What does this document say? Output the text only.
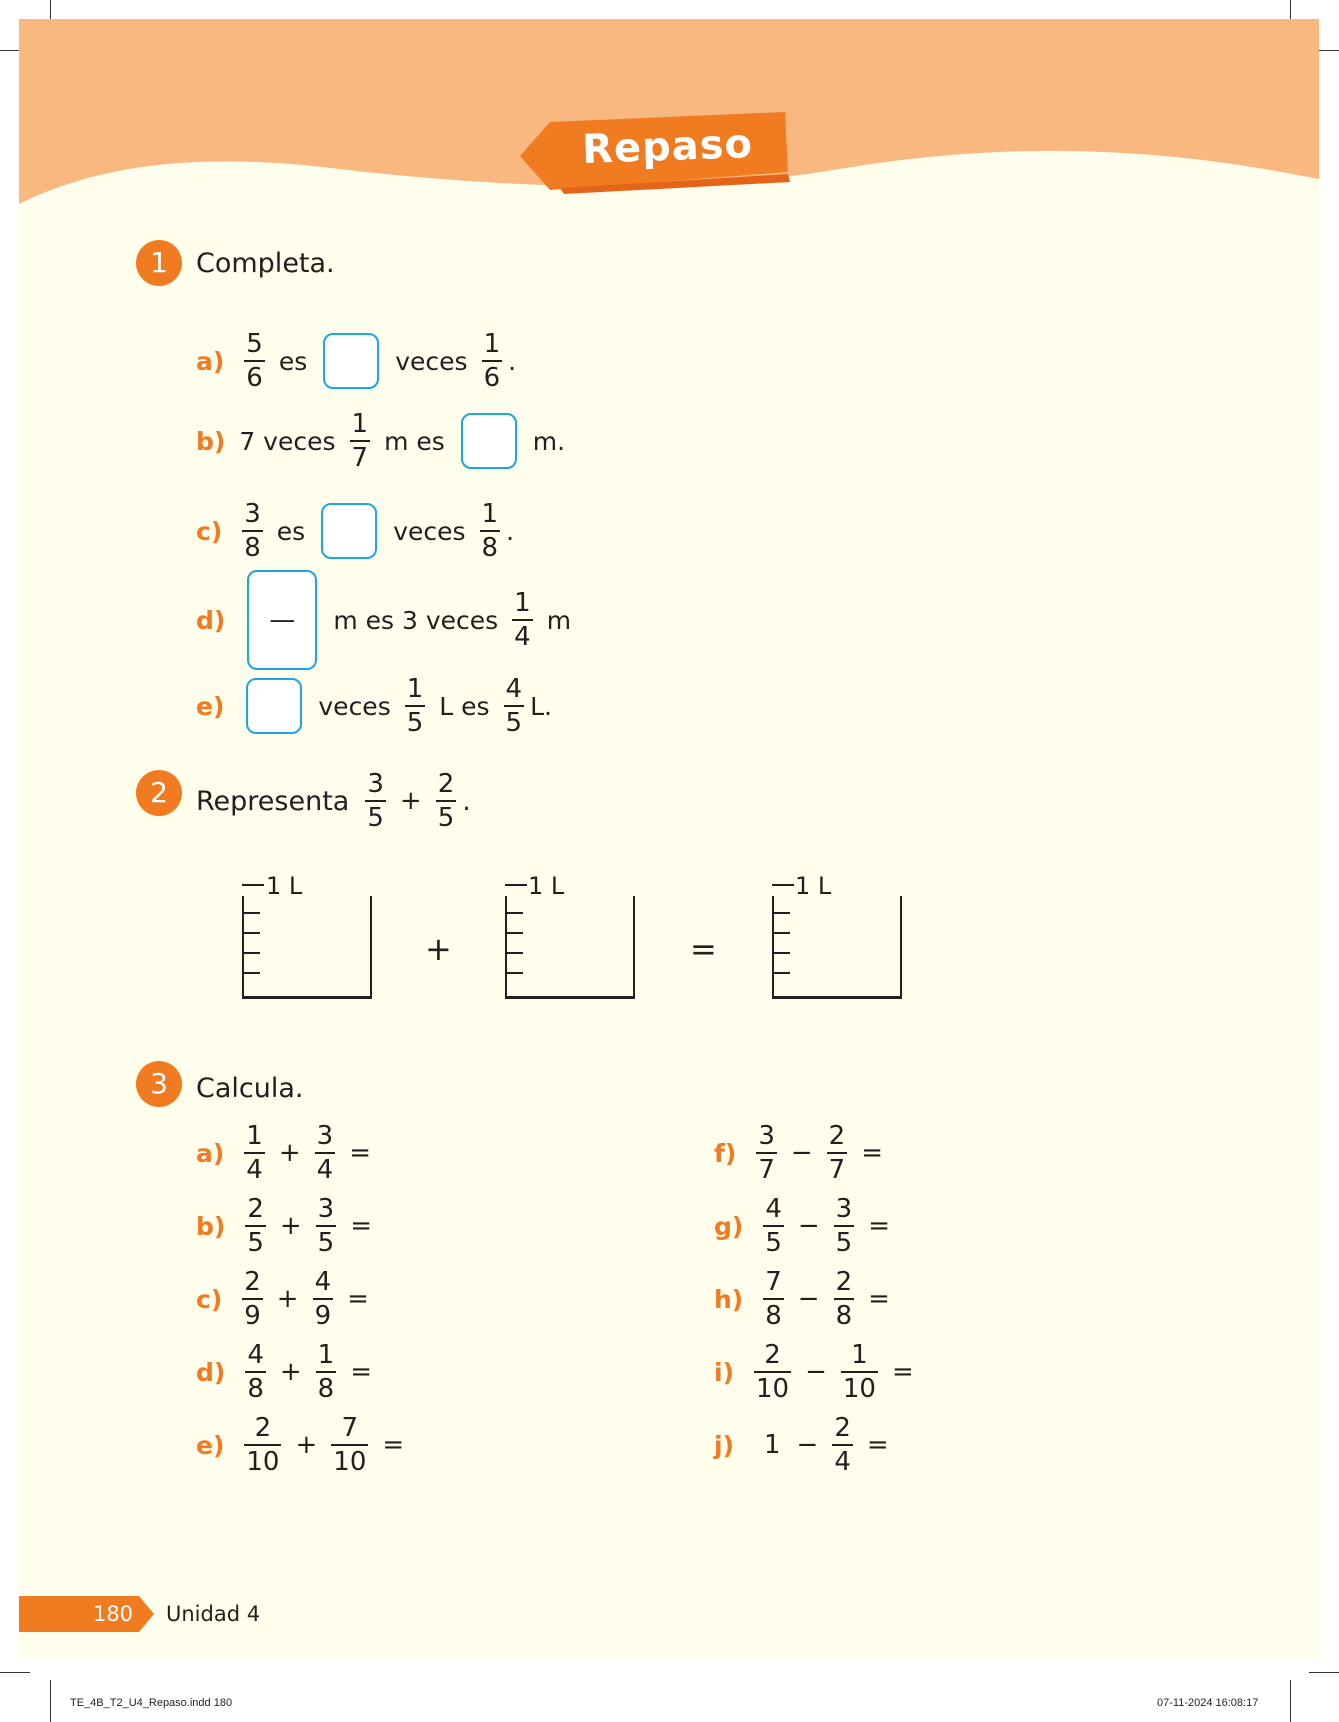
Repaso
1	Completa.
$a) \frac{5}{6}$ es	veces $\frac{1}{6}$ .
b) 7 veces $\frac{1}{7}$ m es	m.
$c) \frac{3}{8}$ es	veces $\frac{1}{8}$ .
d)	—	m es 3 veces $\frac{1}{4}$ m
e)	veces $\frac{1}{5}$ L es $\frac{4}{5} L$.
2	Representa $\frac{3}{5} + \frac{2}{5}$ .
1 L
+
1 L
=
1 L
3	Calcula.
$a) \frac{1}{4} + \frac{3}{4}$ =
$b) \frac{2}{5} + \frac{3}{5}$ =
$c) \frac{2}{9} + \frac{4}{9}$ =
$d) \frac{4}{8} + \frac{1}{8}$ =
$e) \frac{2}{10} + \frac{7}{10}$ =
$f) \frac{3}{7} - \frac{2}{7}$ =
$g) \frac{4}{5} - \frac{3}{5}$ =
$h) \frac{7}{8} - \frac{2}{8}$ =
$i) \frac{2}{10} - \frac{1}{10}$ =
j) $1 - \frac{2}{4}$ =
180 Unidad 4
TE_4B_T2_U4_Repaso.indd 180	07-11-2024 16:08:17
